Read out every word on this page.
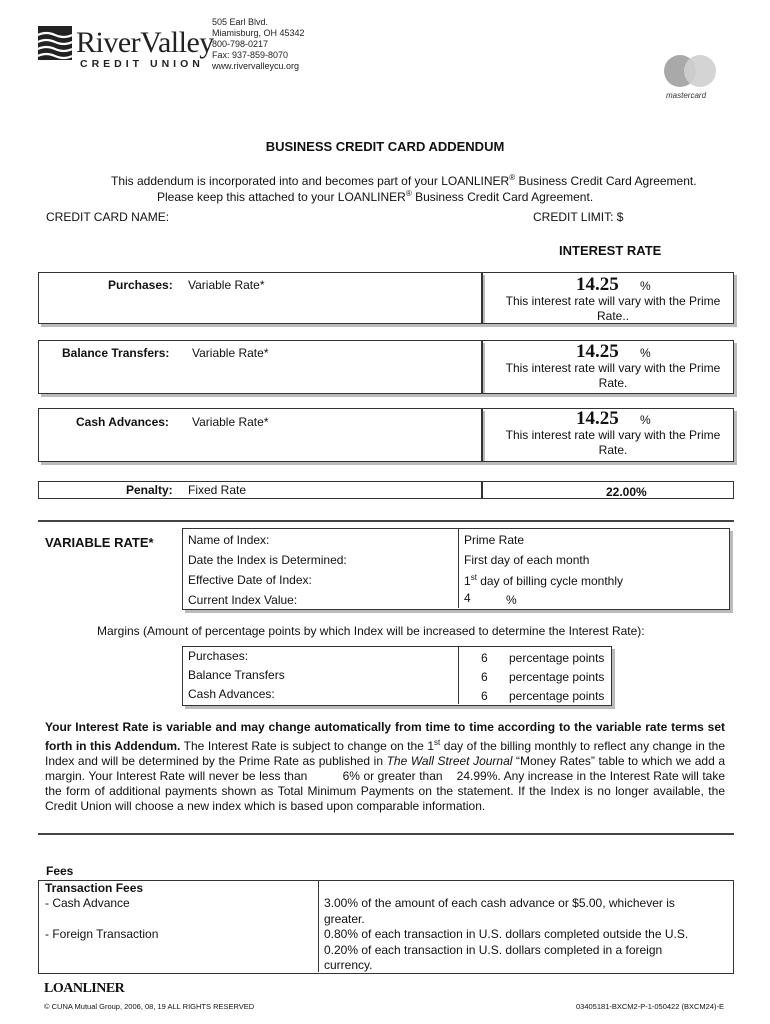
RiverValley
CREDIT UNION
505 Earl Blvd.
Miamisburg, OH 45342
800-798-0217
Fax: 937-859-8070
www.rivervalleycu.org
mastercard
BUSINESS CREDIT CARD ADDENDUM
This addendum is incorporated into and becomes part of your LOANLINER® Business Credit Card Agreement.
Please keep this attached to your LOANLINER® Business Credit Card Agreement.
CREDIT CARD NAME:	CREDIT LIMIT: $
INTEREST RATE
Purchases: Variable Rate*	14.25 %
This interest rate will vary with the Prime
Rate..
Balance Transfers: Variable Rate*	14.25 %
This interest rate will vary with the Prime
Rate.
Cash Advances: Variable Rate*	14.25 %
This interest rate will vary with the Prime
Rate.
Penalty: Fixed Rate	22.00%
VARIABLE RATE*	Name of Index:	Prime Rate
Date the Index is Determined:	First day of each month
Effective Date of Index:	1st day of billing cycle monthly
Current Index Value:	4	%
Margins (Amount of percentage points by which Index will be increased to determine the Interest Rate):
Purchases:	6 percentage points
Balance Transfers	6 percentage points
Cash Advances:	6 percentage points
Your Interest Rate is variable and may change automatically from time to time according to the variable rate terms set forth in this Addendum. The Interest Rate is subject to change on the 1st day of the billing monthly to reflect any change in the Index and will be determined by the Prime Rate as published in The Wall Street Journal “Money Rates” table to which we add a margin. Your Interest Rate will never be less than	6% or greater than 24.99%. Any increase in the Interest Rate will take the form of additional payments shown as Total Minimum Payments on the statement. If the Index is no longer available, the Credit Union will choose a new index which is based upon comparable information.
Fees
Transaction Fees
- Cash Advance	3.00% of the amount of each cash advance or $5.00, whichever is
greater.
- Foreign Transaction	0.80% of each transaction in U.S. dollars completed outside the U.S.
0.20% of each transaction in U.S. dollars completed in a foreign
currency.
LOANLINER
© CUNA Mutual Group, 2006, 08, 19 ALL RIGHTS RESERVED	03405181-BXCM2-P-1-050422 (BXCM24)-E
